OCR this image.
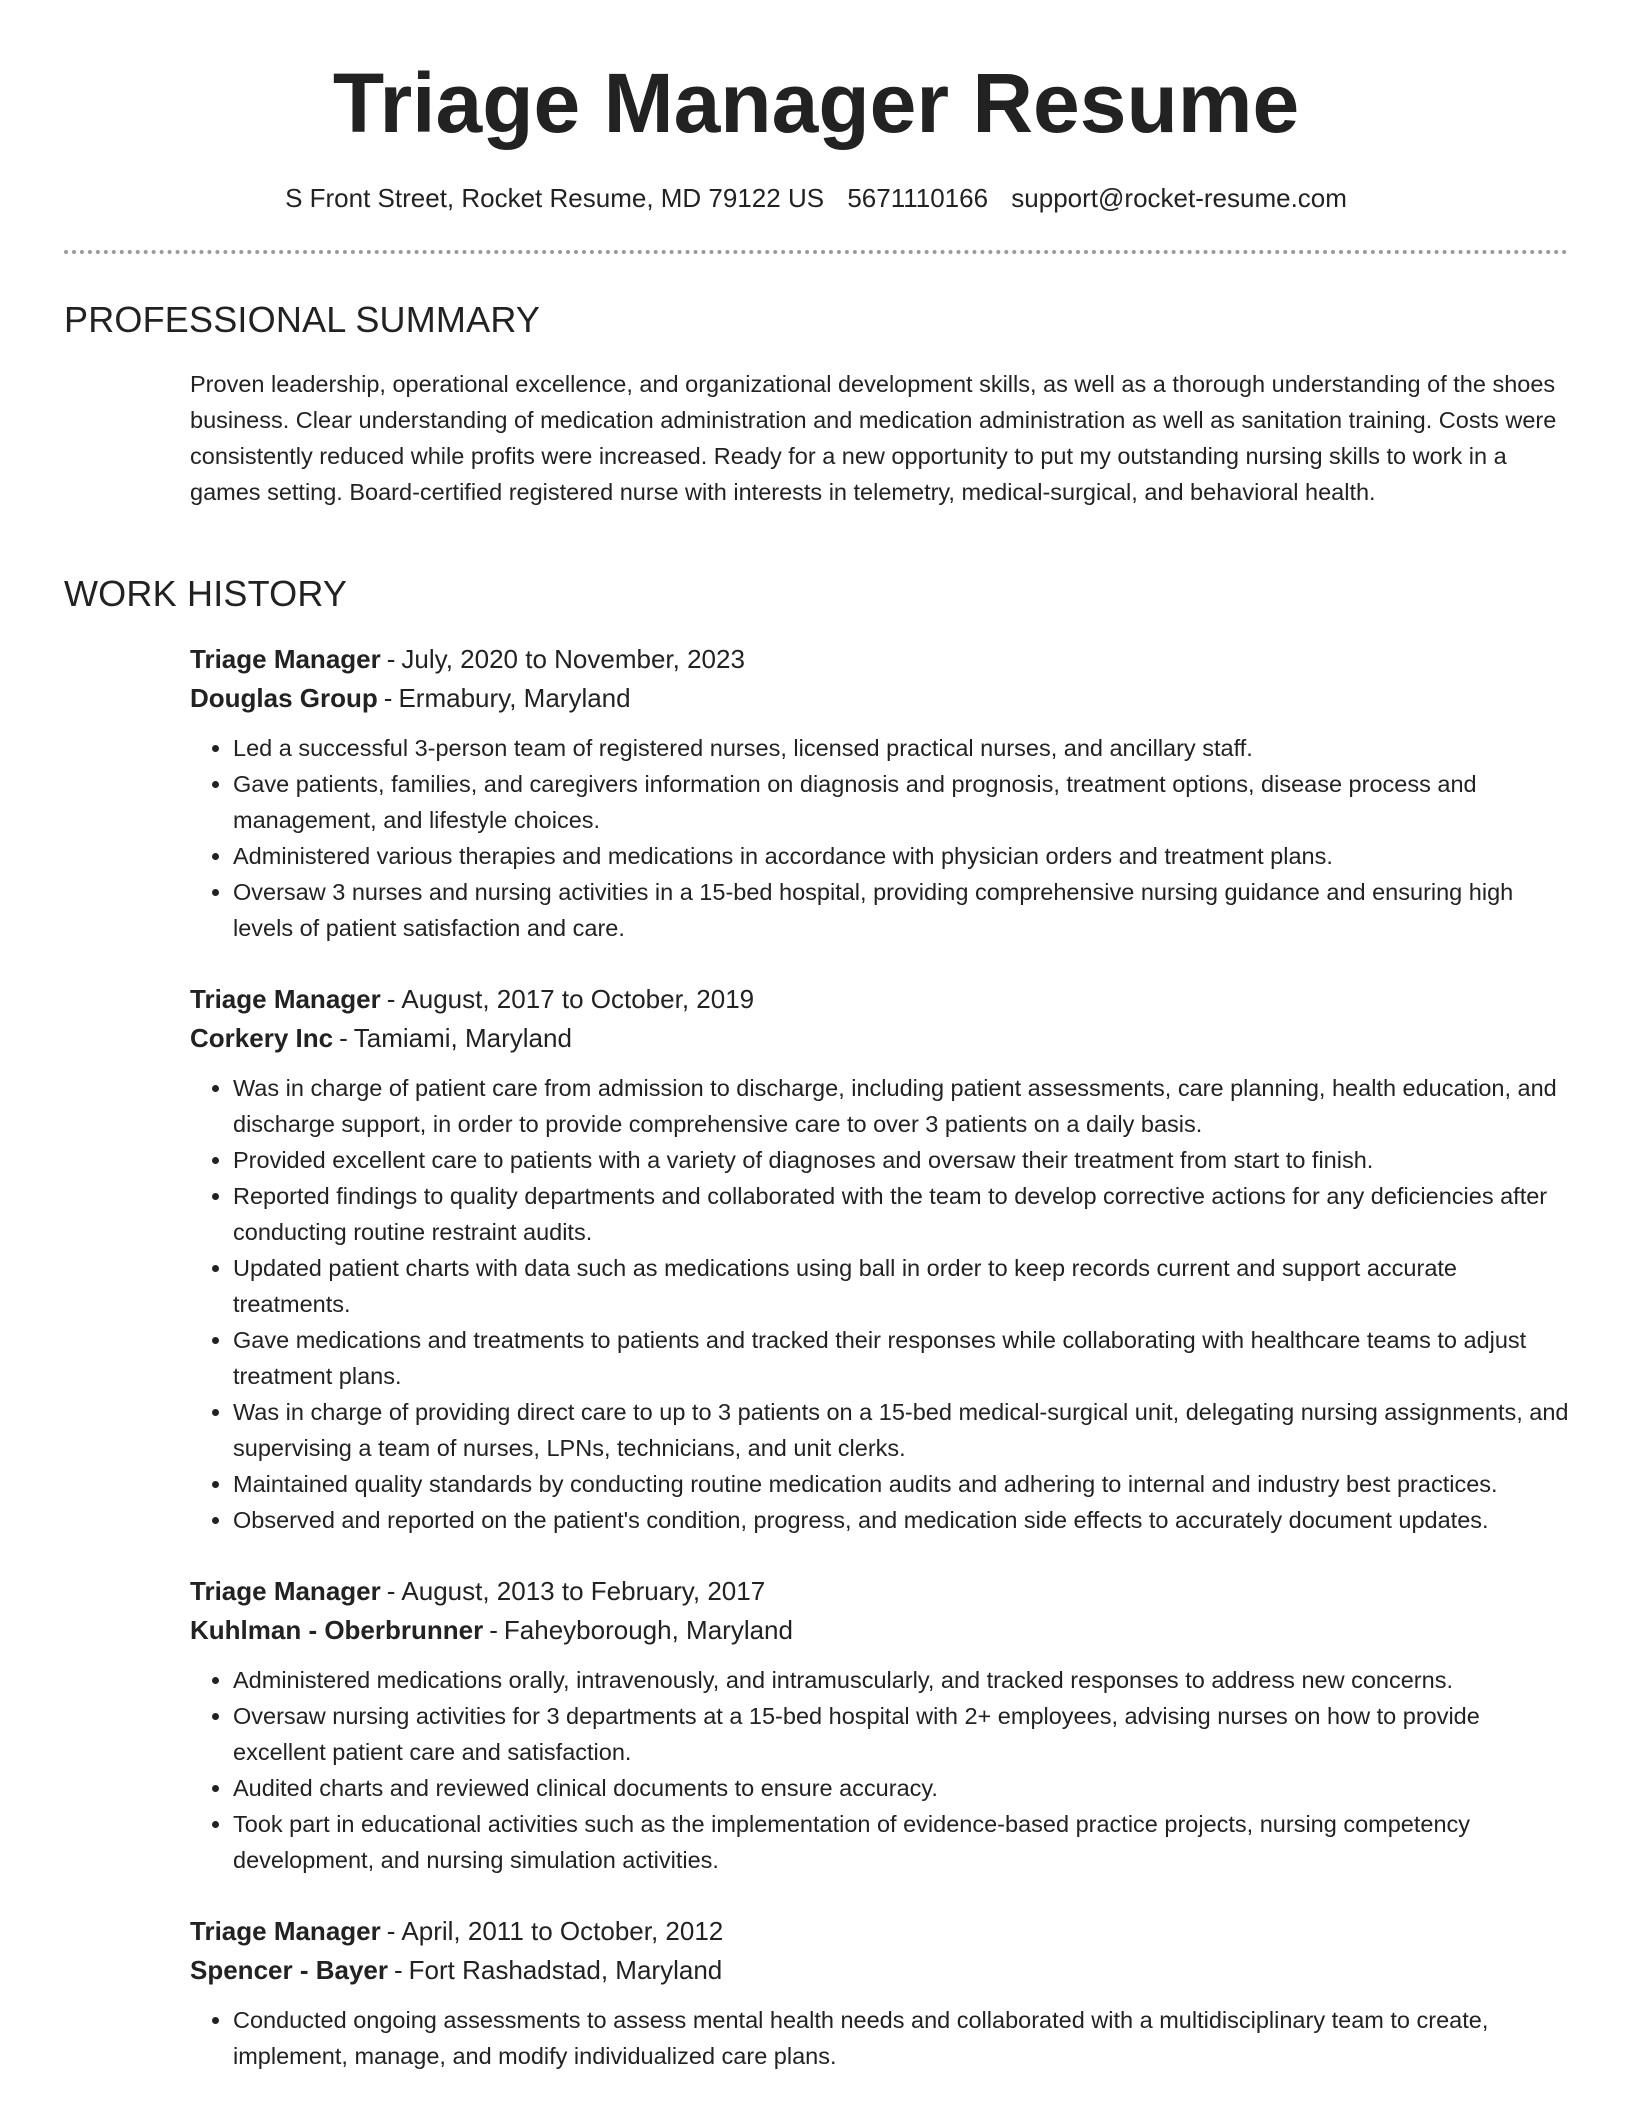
Triage Manager Resume
S Front Street, Rocket Resume, MD 79122 US 5671110166 support@rocket-resume.com
PROFESSIONAL SUMMARY

Proven leadership, operational excellence, and organizational development skills, as well as a thorough understanding of the shoes business. Clear understanding of medication administration and medication administration as well as sanitation training. Costs were consistently reduced while profits were increased. Ready for a new opportunity to put my outstanding nursing skills to work in a games setting. Board-certified registered nurse with interests in telemetry, medical-surgical, and behavioral health.

WORK HISTORY
Triage Manager - July, 2020 to November, 2023
Douglas Group - Ermabury, Maryland
• Led a successful 3-person team of registered nurses, licensed practical nurses, and ancillary staff.
• Gave patients, families, and caregivers information on diagnosis and prognosis, treatment options, disease process and management, and lifestyle choices.
• Administered various therapies and medications in accordance with physician orders and treatment plans.
• Oversaw 3 nurses and nursing activities in a 15-bed hospital, providing comprehensive nursing guidance and ensuring high levels of patient satisfaction and care.
Triage Manager - August, 2017 to October, 2019
Corkery Inc - Tamiami, Maryland
• Was in charge of patient care from admission to discharge, including patient assessments, care planning, health education, and discharge support, in order to provide comprehensive care to over 3 patients on a daily basis.
• Provided excellent care to patients with a variety of diagnoses and oversaw their treatment from start to finish.
• Reported findings to quality departments and collaborated with the team to develop corrective actions for any deficiencies after conducting routine restraint audits.
• Updated patient charts with data such as medications using ball in order to keep records current and support accurate treatments.
• Gave medications and treatments to patients and tracked their responses while collaborating with healthcare teams to adjust treatment plans.
• Was in charge of providing direct care to up to 3 patients on a 15-bed medical-surgical unit, delegating nursing assignments, and supervising a team of nurses, LPNs, technicians, and unit clerks.
• Maintained quality standards by conducting routine medication audits and adhering to internal and industry best practices.
• Observed and reported on the patient's condition, progress, and medication side effects to accurately document updates.
Triage Manager - August, 2013 to February, 2017
Kuhlman - Oberbrunner - Faheyborough, Maryland
• Administered medications orally, intravenously, and intramuscularly, and tracked responses to address new concerns.
• Oversaw nursing activities for 3 departments at a 15-bed hospital with 2+ employees, advising nurses on how to provide excellent patient care and satisfaction.
• Audited charts and reviewed clinical documents to ensure accuracy.
• Took part in educational activities such as the implementation of evidence-based practice projects, nursing competency development, and nursing simulation activities.
Triage Manager - April, 2011 to October, 2012
Spencer - Bayer - Fort Rashadstad, Maryland
• Conducted ongoing assessments to assess mental health needs and collaborated with a multidisciplinary team to create, implement, manage, and modify individualized care plans.
